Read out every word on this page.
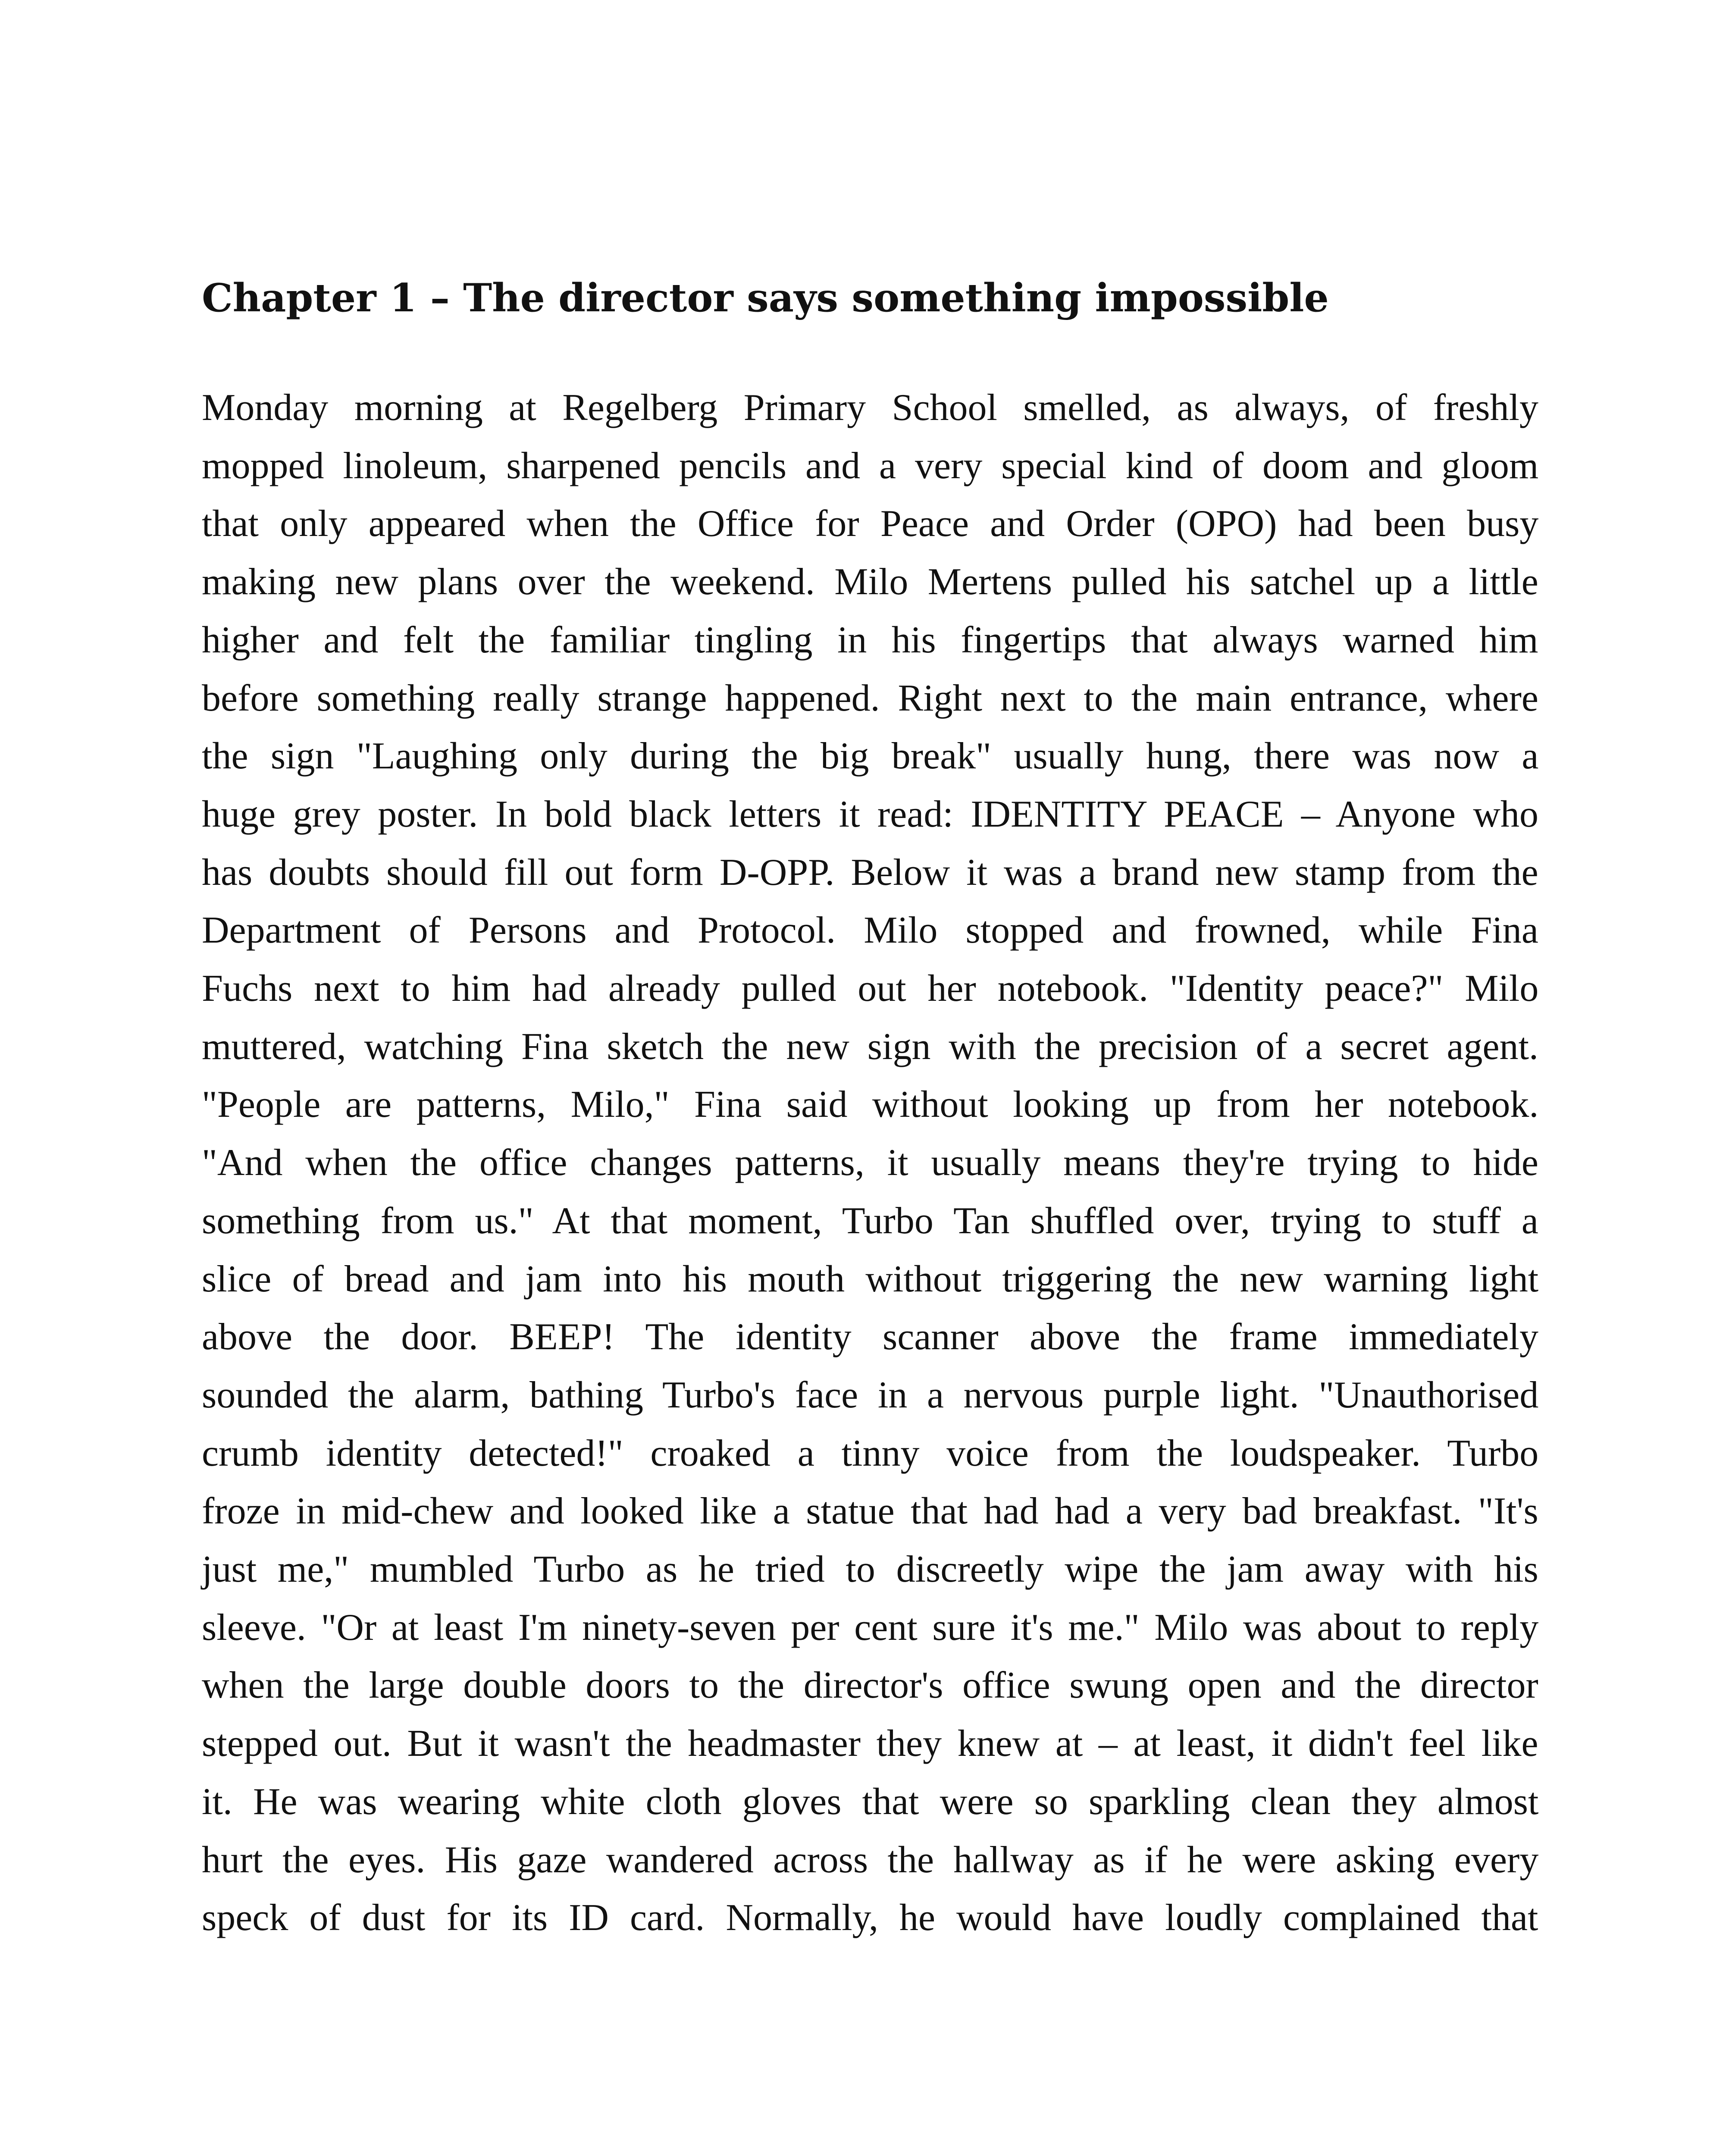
Chapter 1 – The director says something impossible
Monday morning at Regelberg Primary School smelled, as always, of freshly
mopped linoleum, sharpened pencils and a very special kind of doom and gloom
that only appeared when the Office for Peace and Order (OPO) had been busy
making new plans over the weekend. Milo Mertens pulled his satchel up a little
higher and felt the familiar tingling in his fingertips that always warned him
before something really strange happened. Right next to the main entrance, where
the sign "Laughing only during the big break" usually hung, there was now a
huge grey poster. In bold black letters it read: IDENTITY PEACE – Anyone who
has doubts should fill out form D-OPP. Below it was a brand new stamp from the
Department of Persons and Protocol. Milo stopped and frowned, while Fina
Fuchs next to him had already pulled out her notebook. "Identity peace?" Milo
muttered, watching Fina sketch the new sign with the precision of a secret agent.
"People are patterns, Milo," Fina said without looking up from her notebook.
"And when the office changes patterns, it usually means they're trying to hide
something from us." At that moment, Turbo Tan shuffled over, trying to stuff a
slice of bread and jam into his mouth without triggering the new warning light
above the door. BEEP! The identity scanner above the frame immediately
sounded the alarm, bathing Turbo's face in a nervous purple light. "Unauthorised
crumb identity detected!" croaked a tinny voice from the loudspeaker. Turbo
froze in mid-chew and looked like a statue that had had a very bad breakfast. "It's
just me," mumbled Turbo as he tried to discreetly wipe the jam away with his
sleeve. "Or at least I'm ninety-seven per cent sure it's me." Milo was about to reply
when the large double doors to the director's office swung open and the director
stepped out. But it wasn't the headmaster they knew at – at least, it didn't feel like
it. He was wearing white cloth gloves that were so sparkling clean they almost
hurt the eyes. His gaze wandered across the hallway as if he were asking every
speck of dust for its ID card. Normally, he would have loudly complained that
